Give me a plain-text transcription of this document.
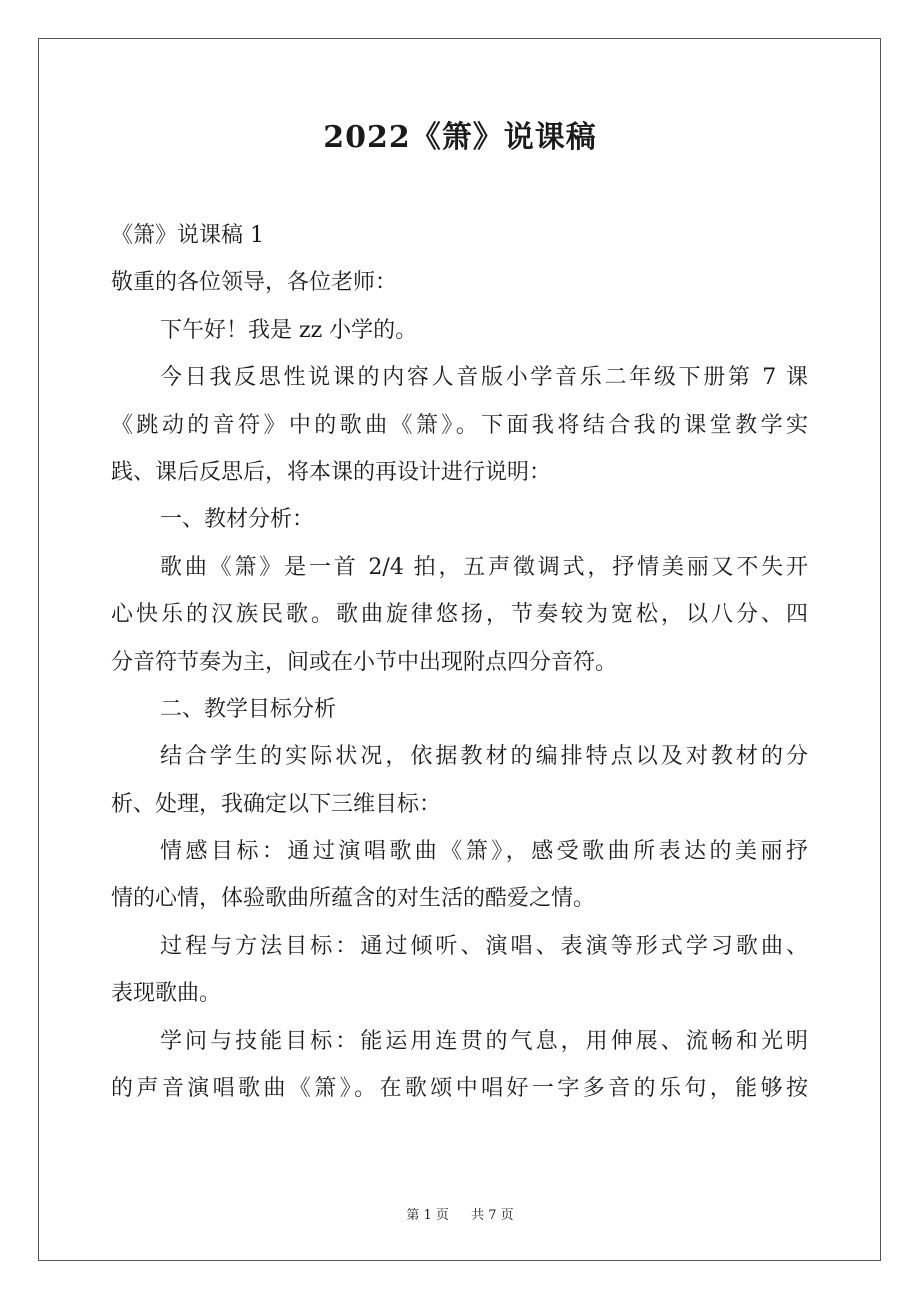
2022《箫》说课稿
《箫》说课稿 1
敬重的各位领导，各位老师：
下午好！我是 zz 小学的。
今日我反思性说课的内容人音版小学音乐二年级下册第 7 课
《跳动的音符》中的歌曲《箫》。下面我将结合我的课堂教学实
践、课后反思后，将本课的再设计进行说明：
一、教材分析：
歌曲《箫》是一首 2/4 拍，五声徵调式，抒情美丽又不失开
心快乐的汉族民歌。歌曲旋律悠扬，节奏较为宽松，以八分、四
分音符节奏为主，间或在小节中出现附点四分音符。
二、教学目标分析
结合学生的实际状况，依据教材的编排特点以及对教材的分
析、处理，我确定以下三维目标：
情感目标：通过演唱歌曲《箫》，感受歌曲所表达的美丽抒
情的心情，体验歌曲所蕴含的对生活的酷爱之情。
过程与方法目标：通过倾听、演唱、表演等形式学习歌曲、
表现歌曲。
学问与技能目标：能运用连贯的气息，用伸展、流畅和光明
的声音演唱歌曲《箫》。在歌颂中唱好一字多音的乐句，能够按
第 1 页 共 7 页
